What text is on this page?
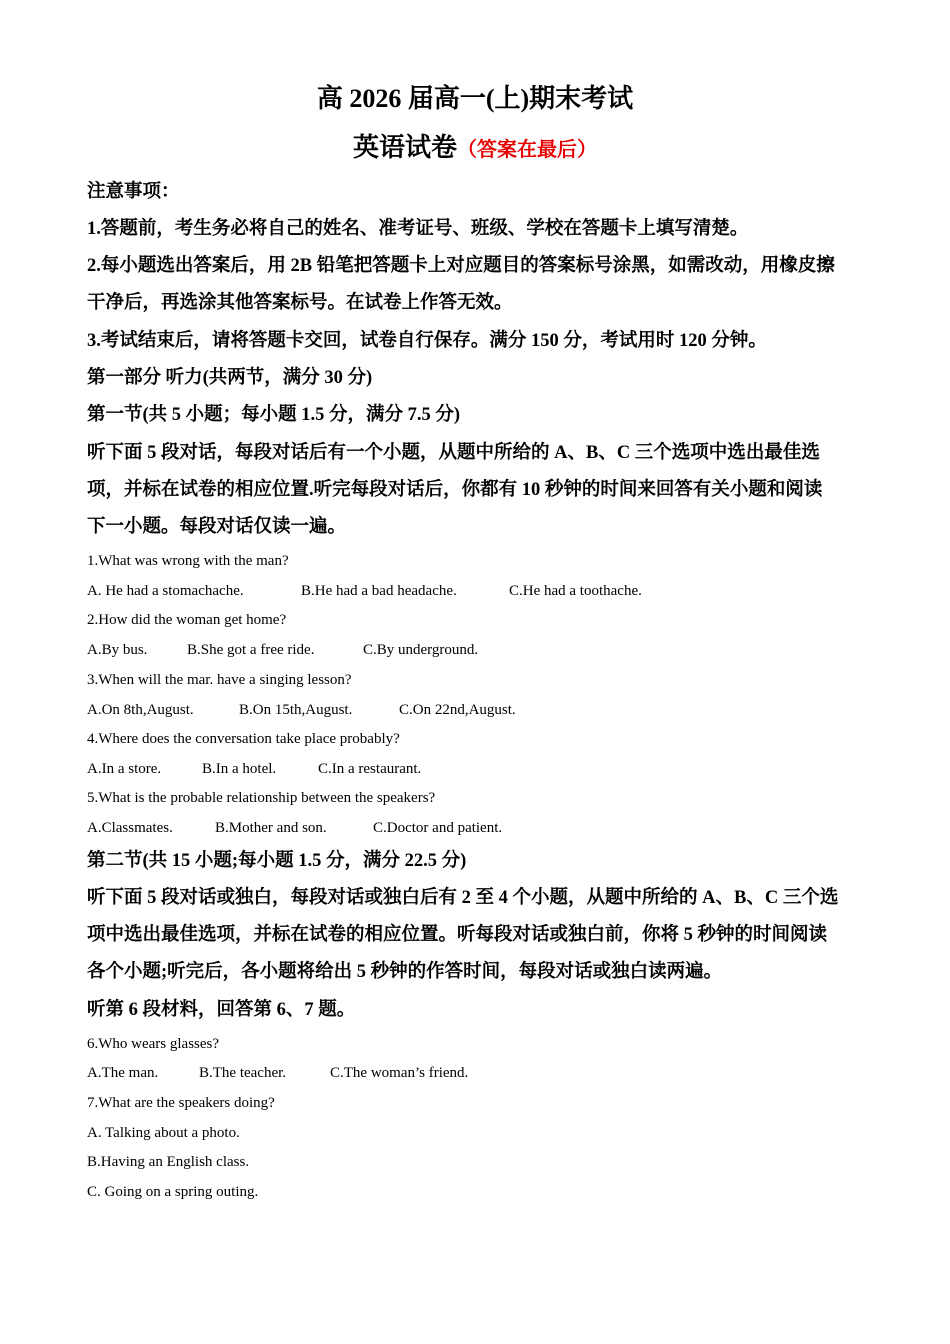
高 2026 届高一(上)期末考试
英语试卷（答案在最后）
注意事项：
1.答题前，考生务必将自己的姓名、准考证号、班级、学校在答题卡上填写清楚。
2.每小题选出答案后，用 2B 铅笔把答题卡上对应题目的答案标号涂黑，如需改动，用橡皮擦
干净后，再选涂其他答案标号。在试卷上作答无效。
3.考试结束后，请将答题卡交回，试卷自行保存。满分 150 分，考试用时 120 分钟。
第一部分 听力(共两节，满分 30 分)
第一节(共 5 小题；每小题 1.5 分，满分 7.5 分)
听下面 5 段对话，每段对话后有一个小题，从题中所给的 A、B、C 三个选项中选出最佳选
项，并标在试卷的相应位置.听完每段对话后，你都有 10 秒钟的时间来回答有关小题和阅读
下一小题。每段对话仅读一遍。
1.What was wrong with the man?
A. He had a stomachache.	B.He had a bad headache.	C.He had a toothache.
2.How did the woman get home?
A.By bus.	B.She got a free ride.	C.By underground.
3.When will the mar. have a singing lesson?
A.On 8th,August.	B.On 15th,August.	C.On 22nd,August.
4.Where does the conversation take place probably?
A.In a store.	B.In a hotel.	C.In a restaurant.
5.What is the probable relationship between the speakers?
A.Classmates.	B.Mother and son.	C.Doctor and patient.
第二节(共 15 小题;每小题 1.5 分，满分 22.5 分)
听下面 5 段对话或独白，每段对话或独白后有 2 至 4 个小题，从题中所给的 A、B、C 三个选
项中选出最佳选项，并标在试卷的相应位置。听每段对话或独白前，你将 5 秒钟的时间阅读
各个小题;听完后，各小题将给出 5 秒钟的作答时间，每段对话或独白读两遍。
听第 6 段材料，回答第 6、7 题。
6.Who wears glasses?
A.The man.	B.The teacher.	C.The woman’s friend.
7.What are the speakers doing?
A. Talking about a photo.
B.Having an English class.
C. Going on a spring outing.
